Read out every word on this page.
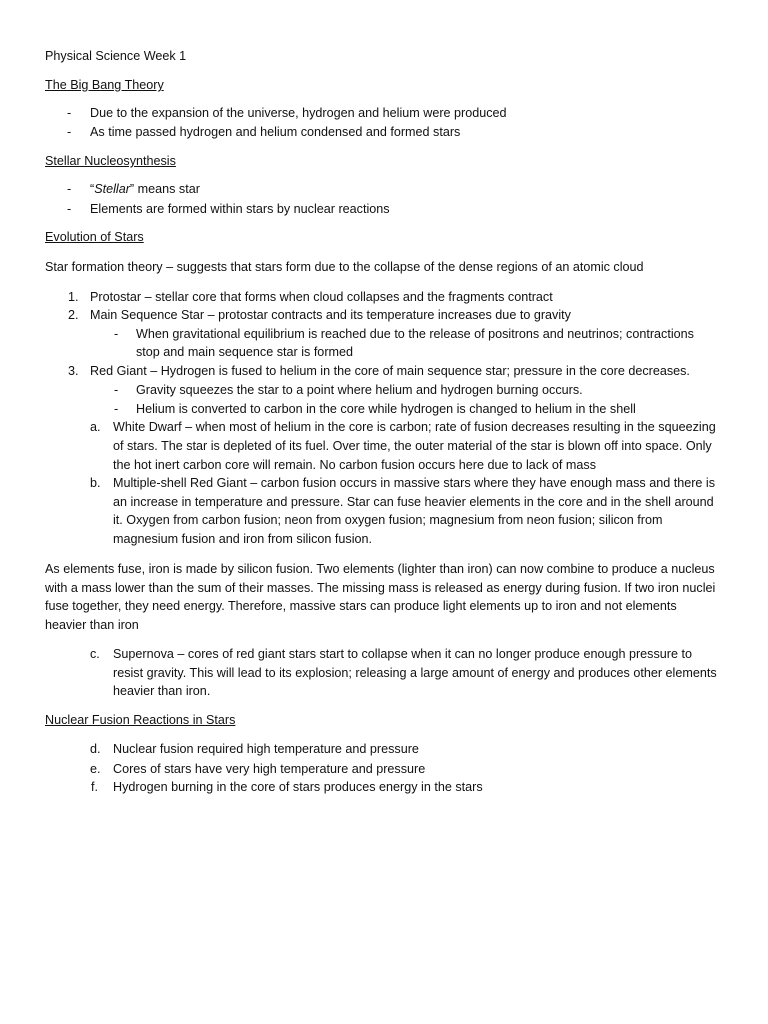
Physical Science Week 1
The Big Bang Theory
- Due to the expansion of the universe, hydrogen and helium were produced
- As time passed hydrogen and helium condensed and formed stars
Stellar Nucleosynthesis
- “Stellar” means star
- Elements are formed within stars by nuclear reactions
Evolution of Stars
Star formation theory – suggests that stars form due to the collapse of the dense regions of an atomic cloud
1. Protostar – stellar core that forms when cloud collapses and the fragments contract
2. Main Sequence Star – protostar contracts and its temperature increases due to gravity
- When gravitational equilibrium is reached due to the release of positrons and neutrinos; contractions
stop and main sequence star is formed
3. Red Giant – Hydrogen is fused to helium in the core of main sequence star; pressure in the core decreases.
- Gravity squeezes the star to a point where helium and hydrogen burning occurs.
- Helium is converted to carbon in the core while hydrogen is changed to helium in the shell
a. White Dwarf – when most of helium in the core is carbon; rate of fusion decreases resulting in the squeezing
of stars. The star is depleted of its fuel. Over time, the outer material of the star is blown off into space. Only
the hot inert carbon core will remain. No carbon fusion occurs here due to lack of mass
b. Multiple-shell Red Giant – carbon fusion occurs in massive stars where they have enough mass and there is
an increase in temperature and pressure. Star can fuse heavier elements in the core and in the shell around
it. Oxygen from carbon fusion; neon from oxygen fusion; magnesium from neon fusion; silicon from
magnesium fusion and iron from silicon fusion.
As elements fuse, iron is made by silicon fusion. Two elements (lighter than iron) can now combine to produce a nucleus
with a mass lower than the sum of their masses. The missing mass is released as energy during fusion. If two iron nuclei
fuse together, they need energy. Therefore, massive stars can produce light elements up to iron and not elements
heavier than iron
c. Supernova – cores of red giant stars start to collapse when it can no longer produce enough pressure to
resist gravity. This will lead to its explosion; releasing a large amount of energy and produces other elements
heavier than iron.
Nuclear Fusion Reactions in Stars
d. Nuclear fusion required high temperature and pressure
e. Cores of stars have very high temperature and pressure
f. Hydrogen burning in the core of stars produces energy in the stars
